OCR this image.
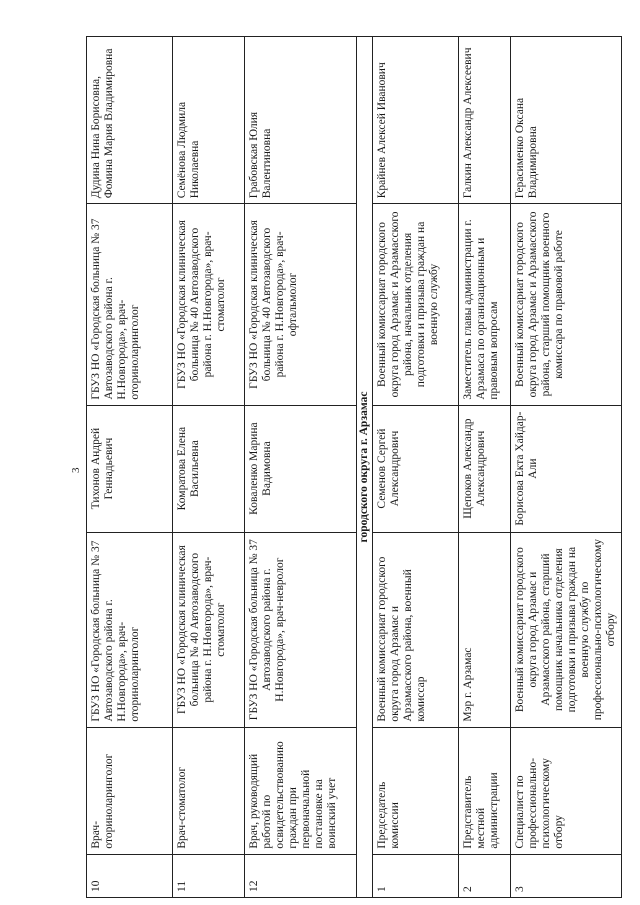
3
10	Врач-оториноларинголог	ГБУЗ НО «Городская больница № 37 Автозаводского района г. Н.Новгорода», врач-оториноларинголог	Тихонов Андрей Геннадьевич	ГБУЗ НО «Городская больница № 37 Автозаводского района г. Н.Новгорода», врач-оториноларинголог	Дудина Нина Борисовна, Фомина Мария Владимировна
11	Врач-стоматолог	ГБУЗ НО «Городская клиническая больница № 40 Автозаводского района г. Н.Новгорода», врач-стоматолог	Комратова Елена Васильевна	ГБУЗ НО «Городская клиническая больница № 40 Автозаводского района г. Н.Новгорода», врач-стоматолог	Семёнова Людмила Николаевна
12	Врач, руководящий работой по освидетельствованию граждан при первоначальной постановке на воинский учет	ГБУЗ НО «Городская больница № 37 Автозаводского района г. Н.Новгорода», врач-невролог	Коваленко Марина Вадимовна	ГБУЗ НО «Городская клиническая больница № 40 Автозаводского района г. Н.Новгорода», врач-офтальмолог	Грабовская Юлия Валентиновна
городского округа г. Арзамас					
1	Председатель комиссии	Военный комиссариат городского округа город Арзамас и Арзамасского района, военный комиссар	Семенов Сергей Александрович	Военный комиссариат городского округа город Арзамас и Арзамасского района, начальник отделения подготовки и призыва граждан на военную службу	Крайнев Алексей Иванович
2	Представитель местной администрации	Мэр г. Арзамас	Щепоков Александр Александрович	Заместитель главы администрации г. Арзамаса по организационным и правовым вопросам	Галкин Александр Алексеевич
3	Специалист по профессионально-психологическому отбору	Военный комиссариат городского округа город Арзамас и Арзамасского района, старший помощник начальника отделения подготовки и призыва граждан на военную службу по профессионально-психологическому отбору	Борисова Екта Хайдар-Али	Военный комиссариат городского округа город Арзамас и Арзамасского района, старший помощник военного комиссара по правовой работе	Герасименко Оксана Владимировна
